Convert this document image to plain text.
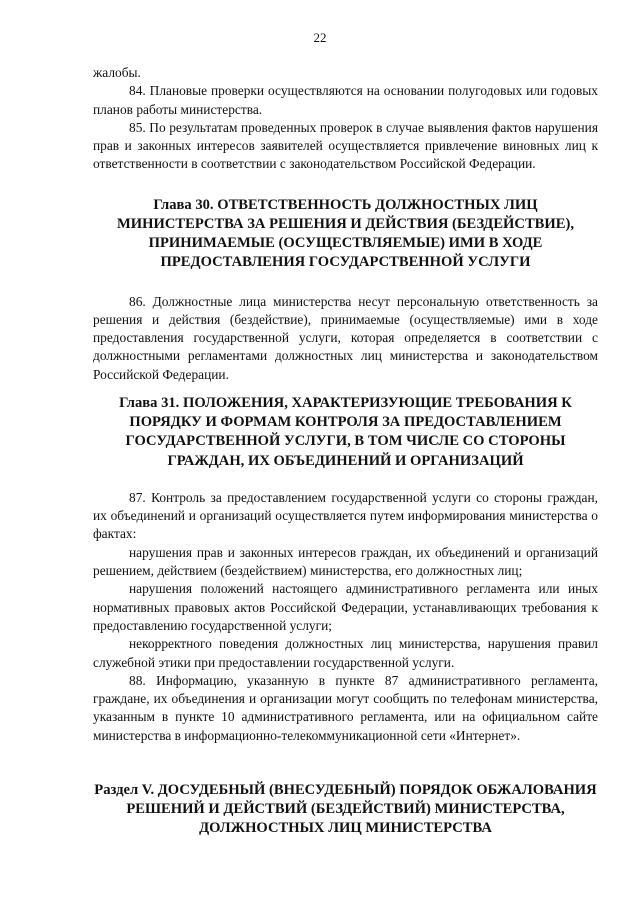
22

жалобы.

84. Плановые проверки осуществляются на основании полугодовых или годовых планов работы министерства.

85. По результатам проведенных проверок в случае выявления фактов нарушения прав и законных интересов заявителей осуществляется привлечение виновных лиц к ответственности в соответствии с законодательством Российской Федерации.

Глава 30. ОТВЕТСТВЕННОСТЬ ДОЛЖНОСТНЫХ ЛИЦ МИНИСТЕРСТВА ЗА РЕШЕНИЯ И ДЕЙСТВИЯ (БЕЗДЕЙСТВИЕ), ПРИНИМАЕМЫЕ (ОСУЩЕСТВЛЯЕМЫЕ) ИМИ В ХОДЕ ПРЕДОСТАВЛЕНИЯ ГОСУДАРСТВЕННОЙ УСЛУГИ

86. Должностные лица министерства несут персональную ответственность за решения и действия (бездействие), принимаемые (осуществляемые) ими в ходе предоставления государственной услуги, которая определяется в соответствии с должностными регламентами должностных лиц министерства и законодательством Российской Федерации.

Глава 31. ПОЛОЖЕНИЯ, ХАРАКТЕРИЗУЮЩИЕ ТРЕБОВАНИЯ К ПОРЯДКУ И ФОРМАМ КОНТРОЛЯ ЗА ПРЕДОСТАВЛЕНИЕМ ГОСУДАРСТВЕННОЙ УСЛУГИ, В ТОМ ЧИСЛЕ СО СТОРОНЫ ГРАЖДАН, ИХ ОБЪЕДИНЕНИЙ И ОРГАНИЗАЦИЙ

87. Контроль за предоставлением государственной услуги со стороны граждан, их объединений и организаций осуществляется путем информирования министерства о фактах:

нарушения прав и законных интересов граждан, их объединений и организаций решением, действием (бездействием) министерства, его должностных лиц;

нарушения положений настоящего административного регламента или иных нормативных правовых актов Российской Федерации, устанавливающих требования к предоставлению государственной услуги;

некорректного поведения должностных лиц министерства, нарушения правил служебной этики при предоставлении государственной услуги.

88. Информацию, указанную в пункте 87 административного регламента, граждане, их объединения и организации могут сообщить по телефонам министерства, указанным в пункте 10 административного регламента, или на официальном сайте министерства в информационно-телекоммуникационной сети «Интернет».

Раздел V. ДОСУДЕБНЫЙ (ВНЕСУДЕБНЫЙ) ПОРЯДОК ОБЖАЛОВАНИЯ РЕШЕНИЙ И ДЕЙСТВИЙ (БЕЗДЕЙСТВИЙ) МИНИСТЕРСТВА, ДОЛЖНОСТНЫХ ЛИЦ МИНИСТЕРСТВА
